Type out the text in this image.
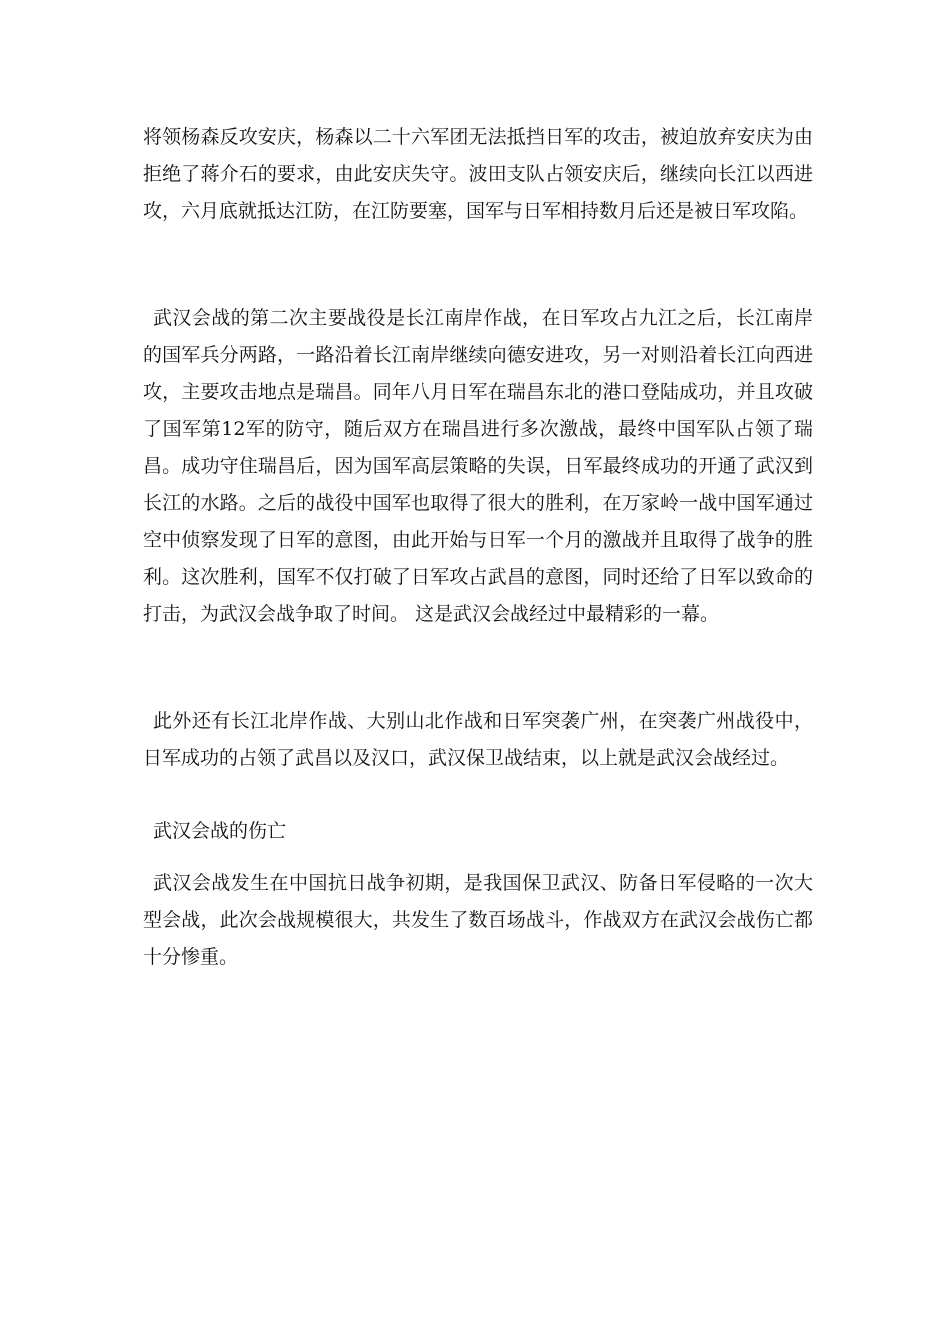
将领杨森反攻安庆，杨森以二十六军团无法抵挡日军的攻击，被迫放弃安庆为由拒绝了蒋介石的要求，由此安庆失守。波田支队占领安庆后，继续向长江以西进攻，六月底就抵达江防，在江防要塞，国军与日军相持数月后还是被日军攻陷。

武汉会战的第二次主要战役是长江南岸作战，在日军攻占九江之后，长江南岸的国军兵分两路，一路沿着长江南岸继续向德安进攻，另一对则沿着长江向西进攻，主要攻击地点是瑞昌。同年八月日军在瑞昌东北的港口登陆成功，并且攻破了国军第12军的防守，随后双方在瑞昌进行多次激战，最终中国军队占领了瑞昌。成功守住瑞昌后，因为国军高层策略的失误，日军最终成功的开通了武汉到长江的水路。之后的战役中国军也取得了很大的胜利，在万家岭一战中国军通过空中侦察发现了日军的意图，由此开始与日军一个月的激战并且取得了战争的胜利。这次胜利，国军不仅打破了日军攻占武昌的意图，同时还给了日军以致命的打击，为武汉会战争取了时间。 这是武汉会战经过中最精彩的一幕。

此外还有长江北岸作战、大别山北作战和日军突袭广州，在突袭广州战役中，日军成功的占领了武昌以及汉口，武汉保卫战结束，以上就是武汉会战经过。

武汉会战的伤亡

武汉会战发生在中国抗日战争初期，是我国保卫武汉、防备日军侵略的一次大型会战，此次会战规模很大，共发生了数百场战斗，作战双方在武汉会战伤亡都十分惨重。
